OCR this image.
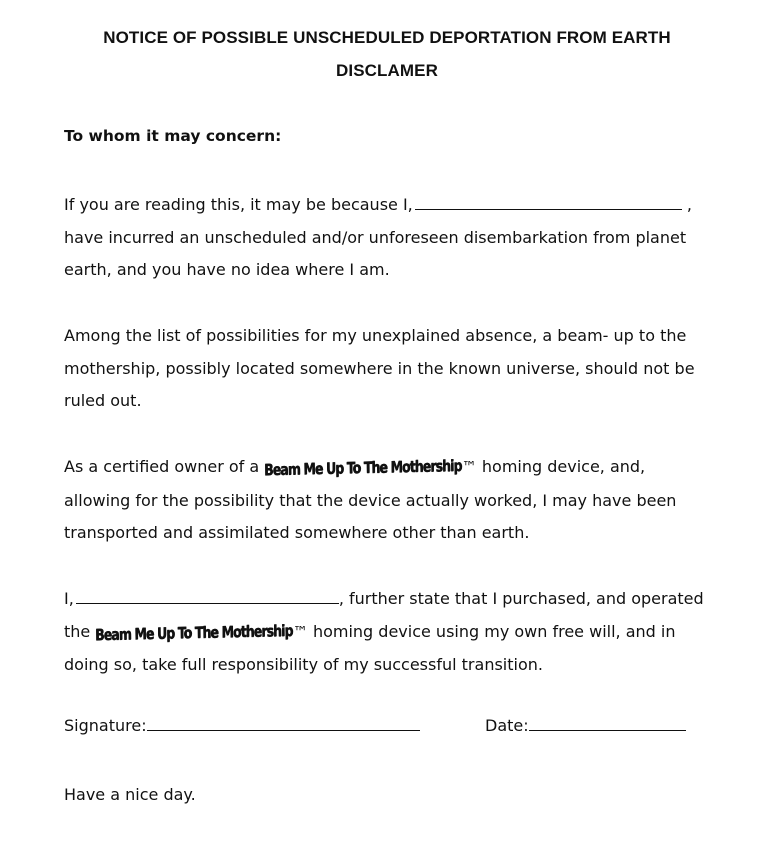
NOTICE OF POSSIBLE UNSCHEDULED DEPORTATION FROM EARTH
DISCLAMER
To whom it may concern:
If you are reading this, it may be because I,	,
have incurred an unscheduled and/or unforeseen disembarkation from planet
earth, and you have no idea where I am.
Among the list of possibilities for my unexplained absence, a beam- up to the
mothership, possibly located somewhere in the known universe, should not be
ruled out.
As a certified owner of a Beam Me Up To The Mothership™ homing device, and,
allowing for the possibility that the device actually worked, I may have been
transported and assimilated somewhere other than earth.
I,	, further state that I purchased, and operated
the Beam Me Up To The Mothership™ homing device using my own free will, and in
doing so, take full responsibility of my successful transition.
Signature:	Date:
Have a nice day.
